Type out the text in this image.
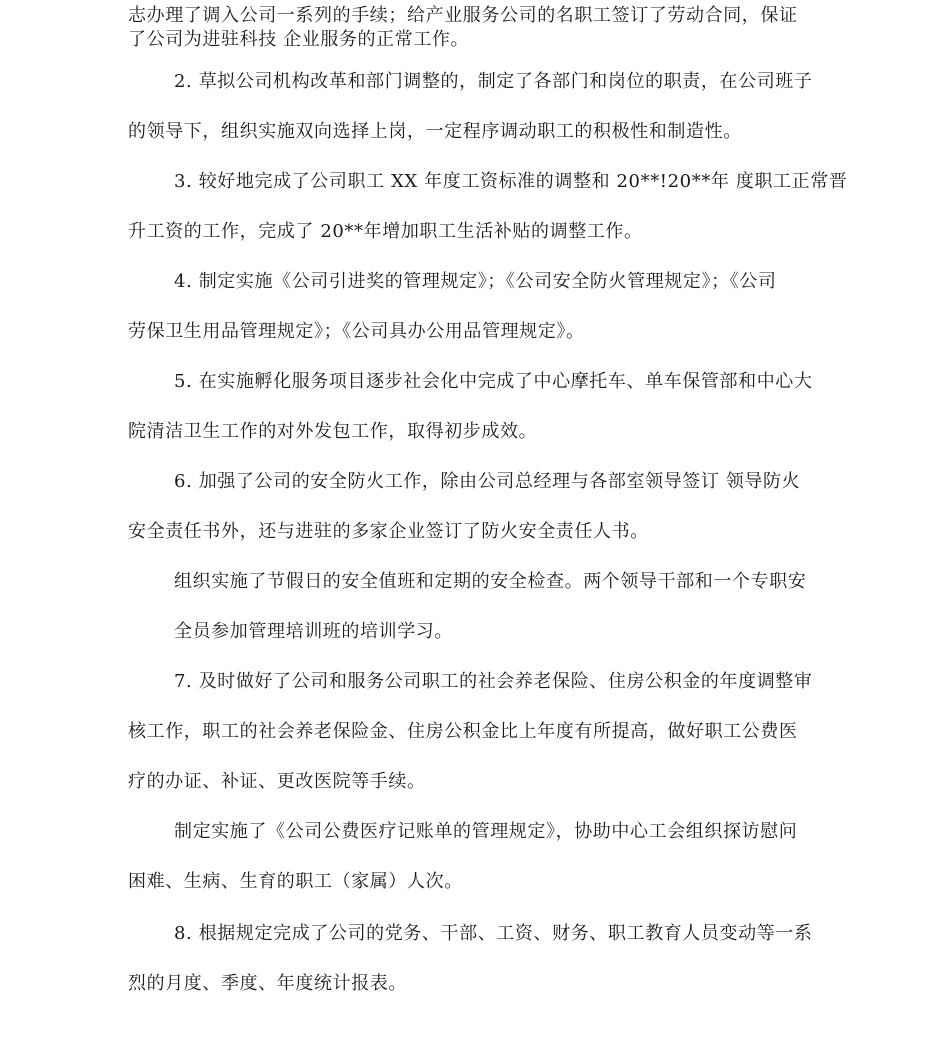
志办理了调入公司一系列的手续；给产业服务公司的名职工签订了劳动合同，保证
了公司为进驻科技 企业服务的正常工作。
2. 草拟公司机构改革和部门调整的，制定了各部门和岗位的职责，在公司班子
的领导下，组织实施双向选择上岗，一定程序调动职工的积极性和制造性。
3. 较好地完成了公司职工 XX 年度工资标准的调整和 20**!20**年 度职工正常晋
升工资的工作，完成了 20**年增加职工生活补贴的调整工作。
4. 制定实施《公司引进奖的管理规定》；《公司安全防火管理规定》；《公司
劳保卫生用品管理规定》；《公司具办公用品管理规定》。
5. 在实施孵化服务项目逐步社会化中完成了中心摩托车、单车保管部和中心大
院清洁卫生工作的对外发包工作，取得初步成效。
6. 加强了公司的安全防火工作，除由公司总经理与各部室领导签订 领导防火
安全责任书外，还与进驻的多家企业签订了防火安全责任人书。
组织实施了节假日的安全值班和定期的安全检查。两个领导干部和一个专职安
全员参加管理培训班的培训学习。
7. 及时做好了公司和服务公司职工的社会养老保险、住房公积金的年度调整审
核工作，职工的社会养老保险金、住房公积金比上年度有所提高，做好职工公费医
疗的办证、补证、更改医院等手续。
制定实施了《公司公费医疗记账单的管理规定》，协助中心工会组织探访慰问
困难、生病、生育的职工（家属）人次。
8. 根据规定完成了公司的党务、干部、工资、财务、职工教育人员变动等一系
烈的月度、季度、年度统计报表。
